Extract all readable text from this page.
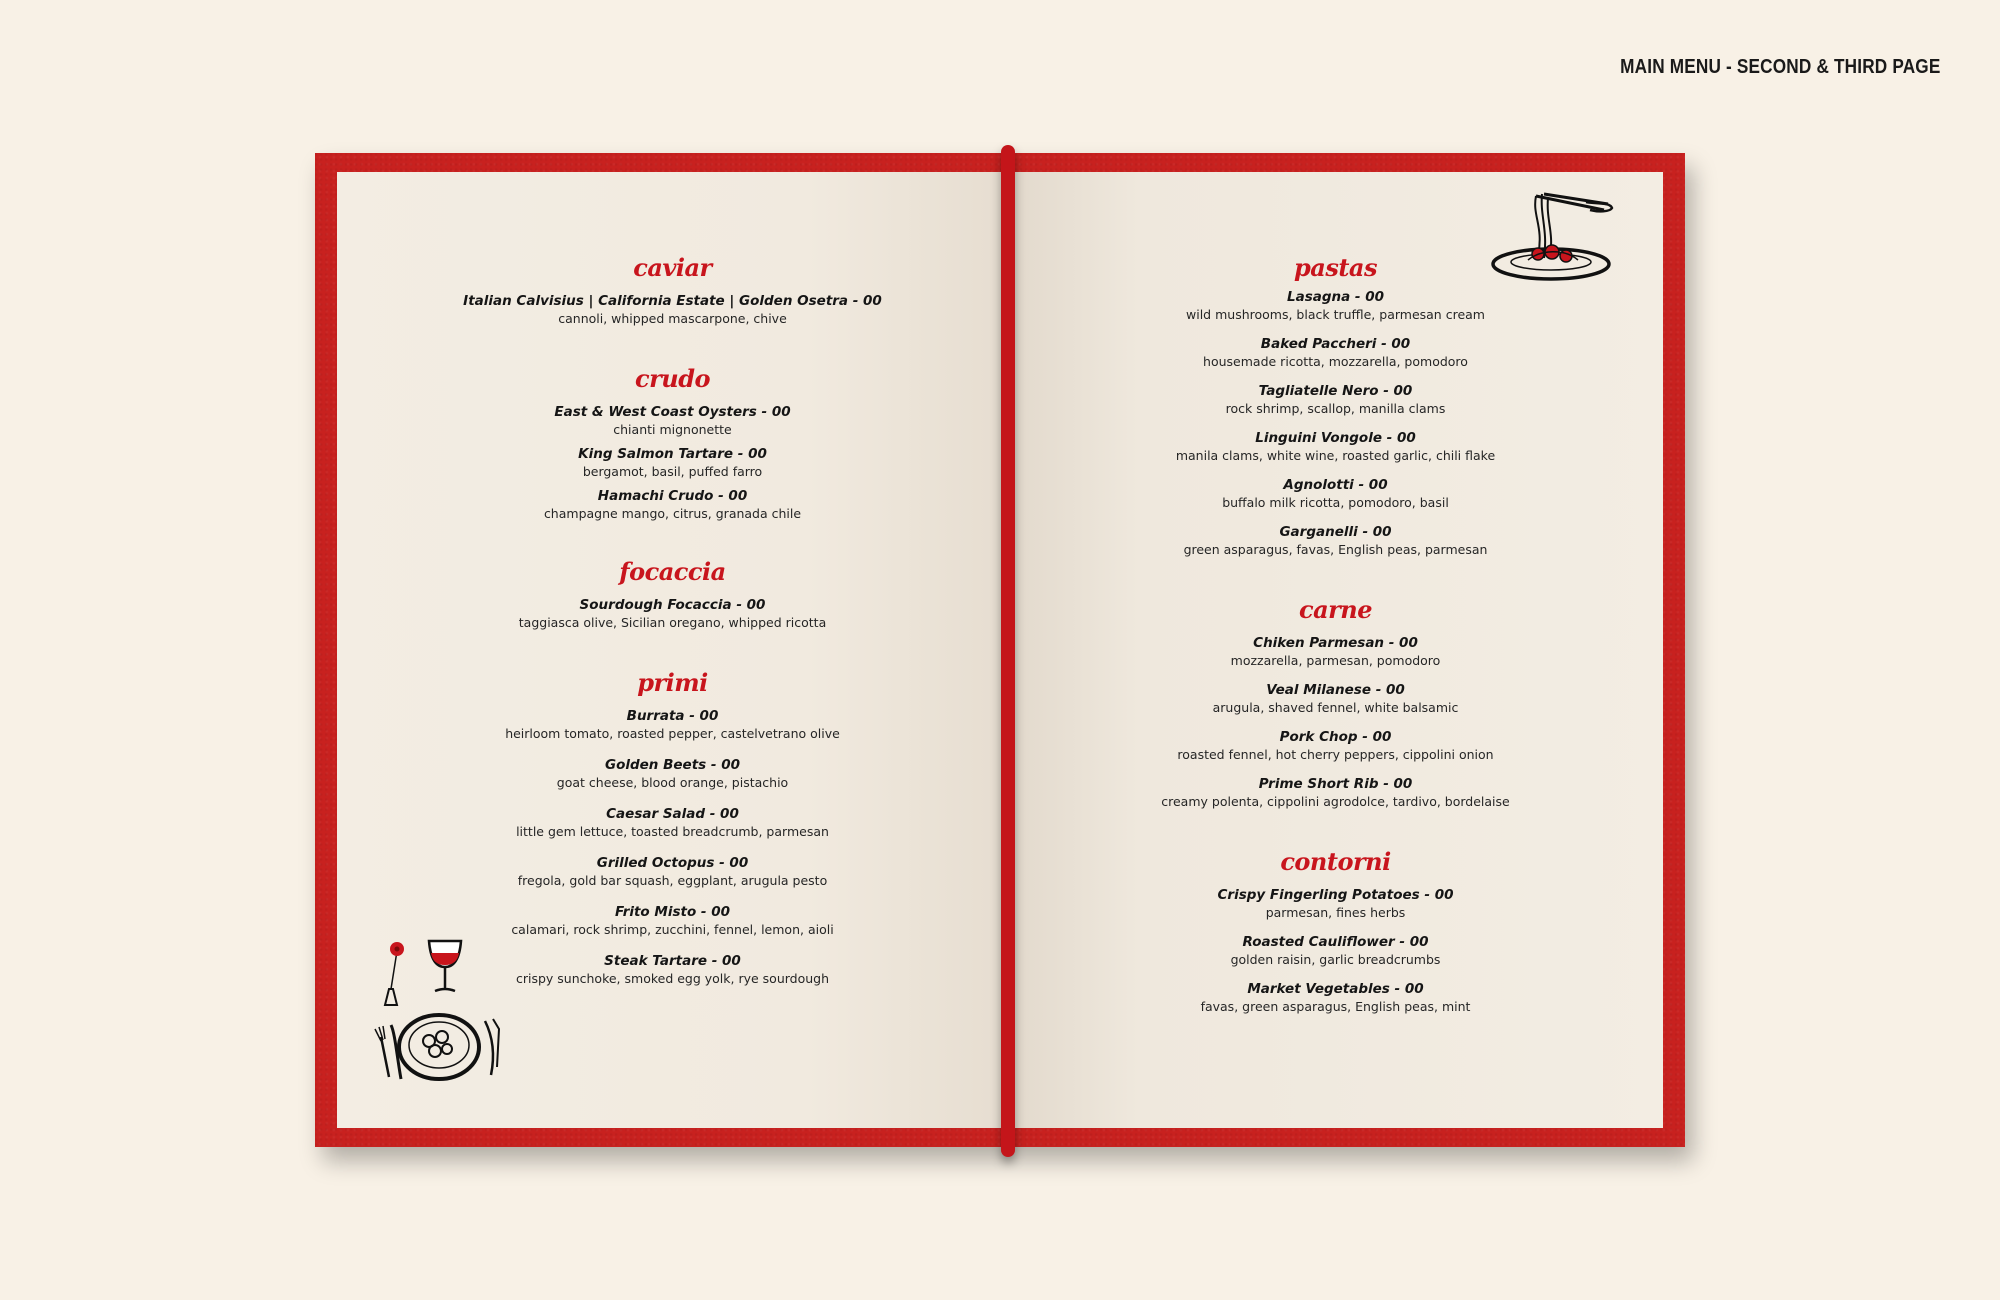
MAIN MENU - SECOND & THIRD PAGE
caviar
Italian Calvisius | California Estate | Golden Osetra - 00
cannoli, whipped mascarpone, chive
crudo
East & West Coast Oysters - 00
chianti mignonette
King Salmon Tartare - 00
bergamot, basil, puffed farro
Hamachi Crudo - 00
champagne mango, citrus, granada chile
focaccia
Sourdough Focaccia - 00
taggiasca olive, Sicilian oregano, whipped ricotta
primi
Burrata - 00
heirloom tomato, roasted pepper, castelvetrano olive
Golden Beets - 00
goat cheese, blood orange, pistachio
Caesar Salad - 00
little gem lettuce, toasted breadcrumb, parmesan
Grilled Octopus - 00
fregola, gold bar squash, eggplant, arugula pesto
Frito Misto - 00
calamari, rock shrimp, zucchini, fennel, lemon, aioli
Steak Tartare - 00
crispy sunchoke, smoked egg yolk, rye sourdough
pastas
Lasagna - 00
wild mushrooms, black truffle, parmesan cream
Baked Paccheri - 00
housemade ricotta, mozzarella, pomodoro
Tagliatelle Nero - 00
rock shrimp, scallop, manilla clams
Linguini Vongole - 00
manila clams, white wine, roasted garlic, chili flake
Agnolotti - 00
buffalo milk ricotta, pomodoro, basil
Garganelli - 00
green asparagus, favas, English peas, parmesan
carne
Chiken Parmesan - 00
mozzarella, parmesan, pomodoro
Veal Milanese - 00
arugula, shaved fennel, white balsamic
Pork Chop - 00
roasted fennel, hot cherry peppers, cippolini onion
Prime Short Rib - 00
creamy polenta, cippolini agrodolce, tardivo, bordelaise
contorni
Crispy Fingerling Potatoes - 00
parmesan, fines herbs
Roasted Cauliflower - 00
golden raisin, garlic breadcrumbs
Market Vegetables - 00
favas, green asparagus, English peas, mint
